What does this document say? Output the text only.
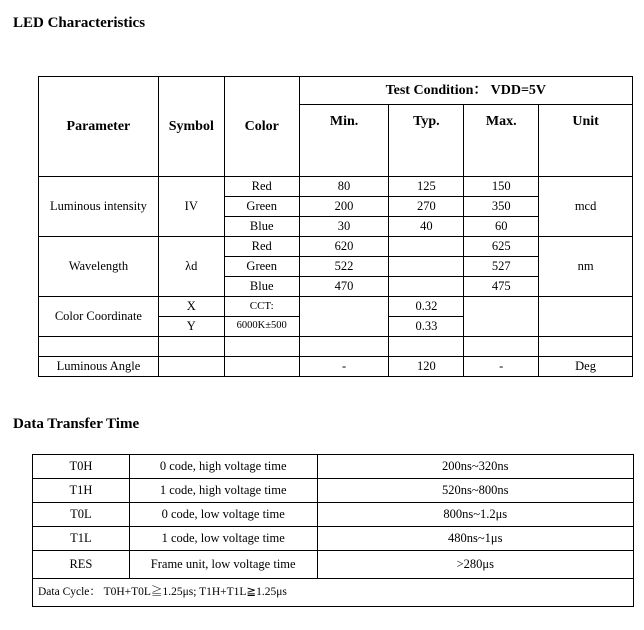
LED Characteristics
Parameter	Symbol	Color	Test Condition： VDD=5V			
			Min.	Typ.	Max.	Unit
Luminous intensity	IV	Red	80	125	150	mcd
		Green	200	270	350	
		Blue	30	40	60	
Wavelength	λd	Red	620		625	nm
		Green	522		527	
		Blue	470		475	
Color Coordinate	X	CCT:		0.32		
	Y	6000K±500		0.33		

Luminous Angle			-	120	-	Deg
Data Transfer Time
T0H	0 code, high voltage time	200ns~320ns
T1H	1 code, high voltage time	520ns~800ns
T0L	0 code, low voltage time	800ns~1.2μs
T1L	1 code, low voltage time	480ns~1μs
RES	Frame unit, low voltage time	>280μs
Data Cycle： T0H+T0L≧1.25μs; T1H+T1L≧1.25μs		
